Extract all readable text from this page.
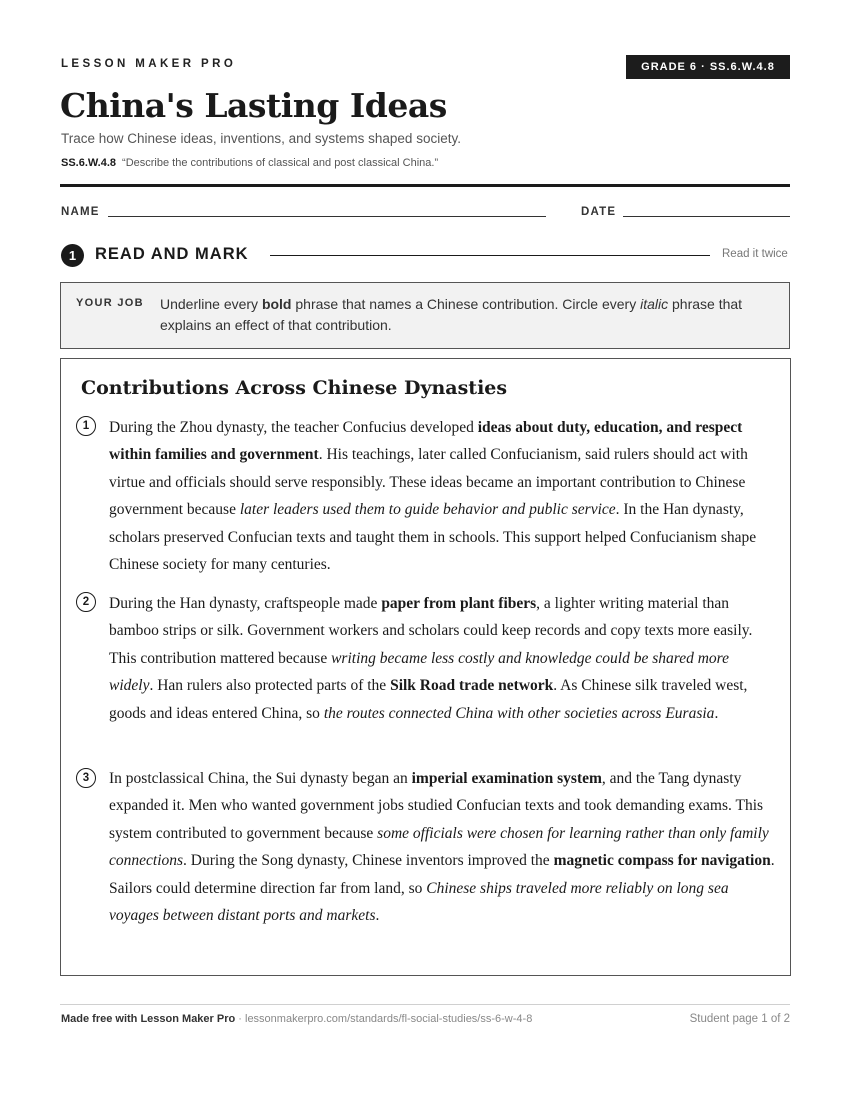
LESSON MAKER PRO	GRADE 6 · SS.6.W.4.8
China's Lasting Ideas
Trace how Chinese ideas, inventions, and systems shaped society.
SS.6.W.4.8 “Describe the contributions of classical and post classical China.”
NAME	DATE
1	READ AND MARK	Read it twice
YOUR JOB Underline every bold phrase that names a Chinese contribution. Circle every italic phrase that explains an effect of that contribution.
Contributions Across Chinese Dynasties
1	During the Zhou dynasty, the teacher Confucius developed ideas about duty, education, and respect within families and government. His teachings, later called Confucianism, said rulers should act with virtue and officials should serve responsibly. These ideas became an important contribution to Chinese government because later leaders used them to guide behavior and public service. In the Han dynasty, scholars preserved Confucian texts and taught them in schools. This support helped Confucianism shape Chinese society for many centuries.

2	During the Han dynasty, craftspeople made paper from plant fibers, a lighter writing material than bamboo strips or silk. Government workers and scholars could keep records and copy texts more easily. This contribution mattered because writing became less costly and knowledge could be shared more widely. Han rulers also protected parts of the Silk Road trade network. As Chinese silk traveled west, goods and ideas entered China, so the routes connected China with other societies across Eurasia.

3	In postclassical China, the Sui dynasty began an imperial examination system, and the Tang dynasty expanded it. Men who wanted government jobs studied Confucian texts and took demanding exams. This system contributed to government because some officials were chosen for learning rather than only family connections. During the Song dynasty, Chinese inventors improved the magnetic compass for navigation. Sailors could determine direction far from land, so Chinese ships traveled more reliably on long sea voyages between distant ports and markets.

Made free with Lesson Maker Pro · lessonmakerpro.com/standards/fl-social-studies/ss-6-w-4-8	Student page 1 of 2
